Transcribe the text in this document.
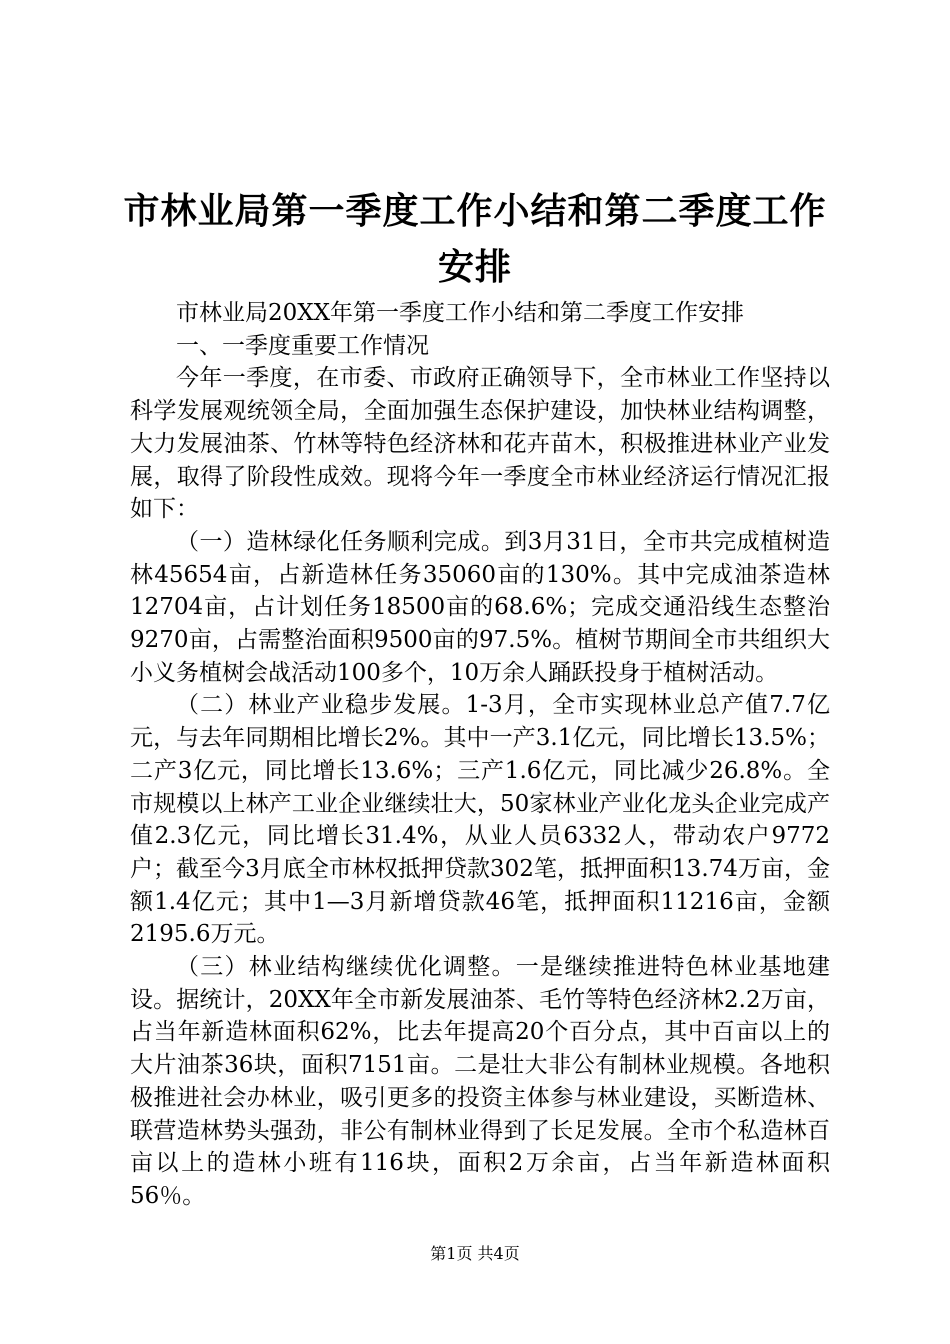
市林业局第一季度工作小结和第二季度工作安排

市林业局20XX年第一季度工作小结和第二季度工作安排

一、一季度重要工作情况

今年一季度，在市委、市政府正确领导下，全市林业工作坚持以科学发展观统领全局，全面加强生态保护建设，加快林业结构调整，大力发展油茶、竹林等特色经济林和花卉苗木，积极推进林业产业发展，取得了阶段性成效。现将今年一季度全市林业经济运行情况汇报如下：

（一）造林绿化任务顺利完成。到3月31日，全市共完成植树造林45654亩，占新造林任务35060亩的130%。其中完成油茶造林12704亩，占计划任务18500亩的68.6%；完成交通沿线生态整治9270亩，占需整治面积9500亩的97.5%。植树节期间全市共组织大小义务植树会战活动100多个，10万余人踊跃投身于植树活动。

（二）林业产业稳步发展。1-3月，全市实现林业总产值7.7亿元，与去年同期相比增长2%。其中一产3.1亿元，同比增长13.5%；二产3亿元，同比增长13.6%；三产1.6亿元，同比减少26.8%。全市规模以上林产工业企业继续壮大，50家林业产业化龙头企业完成产值2.3亿元，同比增长31.4%，从业人员6332人，带动农户9772户；截至今3月底全市林权抵押贷款302笔，抵押面积13.74万亩，金额1.4亿元；其中1—3月新增贷款46笔，抵押面积11216亩，金额2195.6万元。

（三）林业结构继续优化调整。一是继续推进特色林业基地建设。据统计，20XX年全市新发展油茶、毛竹等特色经济林2.2万亩，占当年新造林面积62%，比去年提高20个百分点，其中百亩以上的大片油茶36块，面积7151亩。二是壮大非公有制林业规模。各地积极推进社会办林业，吸引更多的投资主体参与林业建设，买断造林、联营造林势头强劲，非公有制林业得到了长足发展。全市个私造林百亩以上的造林小班有116块，面积2万余亩，占当年新造林面积56％。

第1页 共4页
